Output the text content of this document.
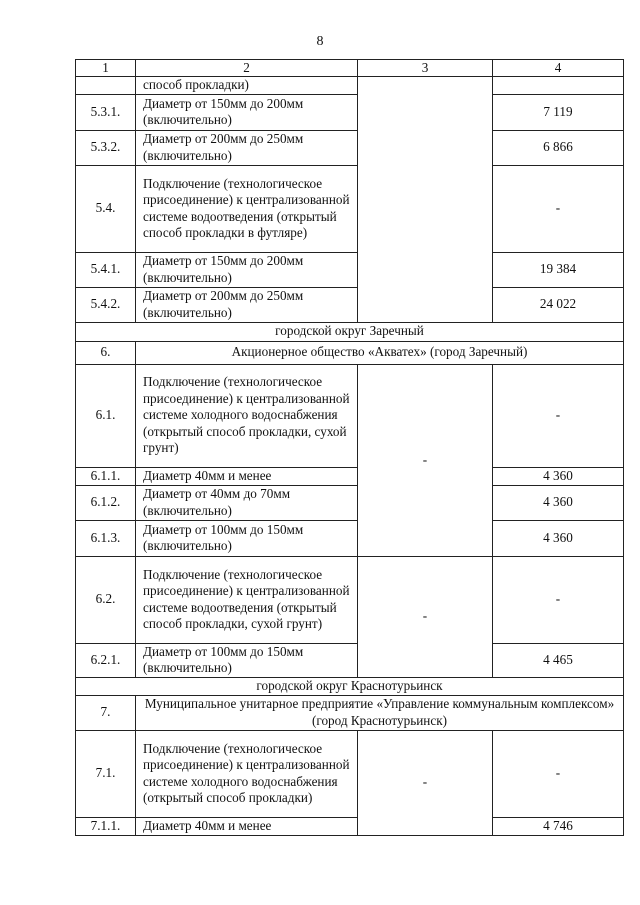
8
1	2	3	4
	способ прокладки)		
5.3.1.	Диаметр от 150мм до 200мм (включительно)		7 119
5.3.2.	Диаметр от 200мм до 250мм (включительно)		6 866
5.4.	Подключение (технологическое присоединение) к централизованной системе водоотведения (открытый способ прокладки в футляре)		-
5.4.1.	Диаметр от 150мм до 200мм (включительно)		19 384
5.4.2.	Диаметр от 200мм до 250мм (включительно)		24 022
городской округ Заречный			
6.	Акционерное общество «Акватех» (город Заречный)		
6.1.	Подключение (технологическое присоединение) к централизованной системе холодного водоснабжения (открытый способ прокладки, сухой грунт)	-	-
6.1.1.	Диаметр 40мм и менее		4 360
6.1.2.	Диаметр от 40мм до 70мм (включительно)		4 360
6.1.3.	Диаметр от 100мм до 150мм (включительно)		4 360
6.2.	Подключение (технологическое присоединение) к централизованной системе водоотведения (открытый способ прокладки, сухой грунт)	-	-
6.2.1.	Диаметр от 100мм до 150мм (включительно)		4 465
городской округ Краснотурьинск			
7.	Муниципальное унитарное предприятие «Управление коммунальным комплексом» (город Краснотурьинск)		
7.1.	Подключение (технологическое присоединение) к централизованной системе холодного водоснабжения (открытый способ прокладки)	-	-
7.1.1.	Диаметр 40мм и менее		4 746
